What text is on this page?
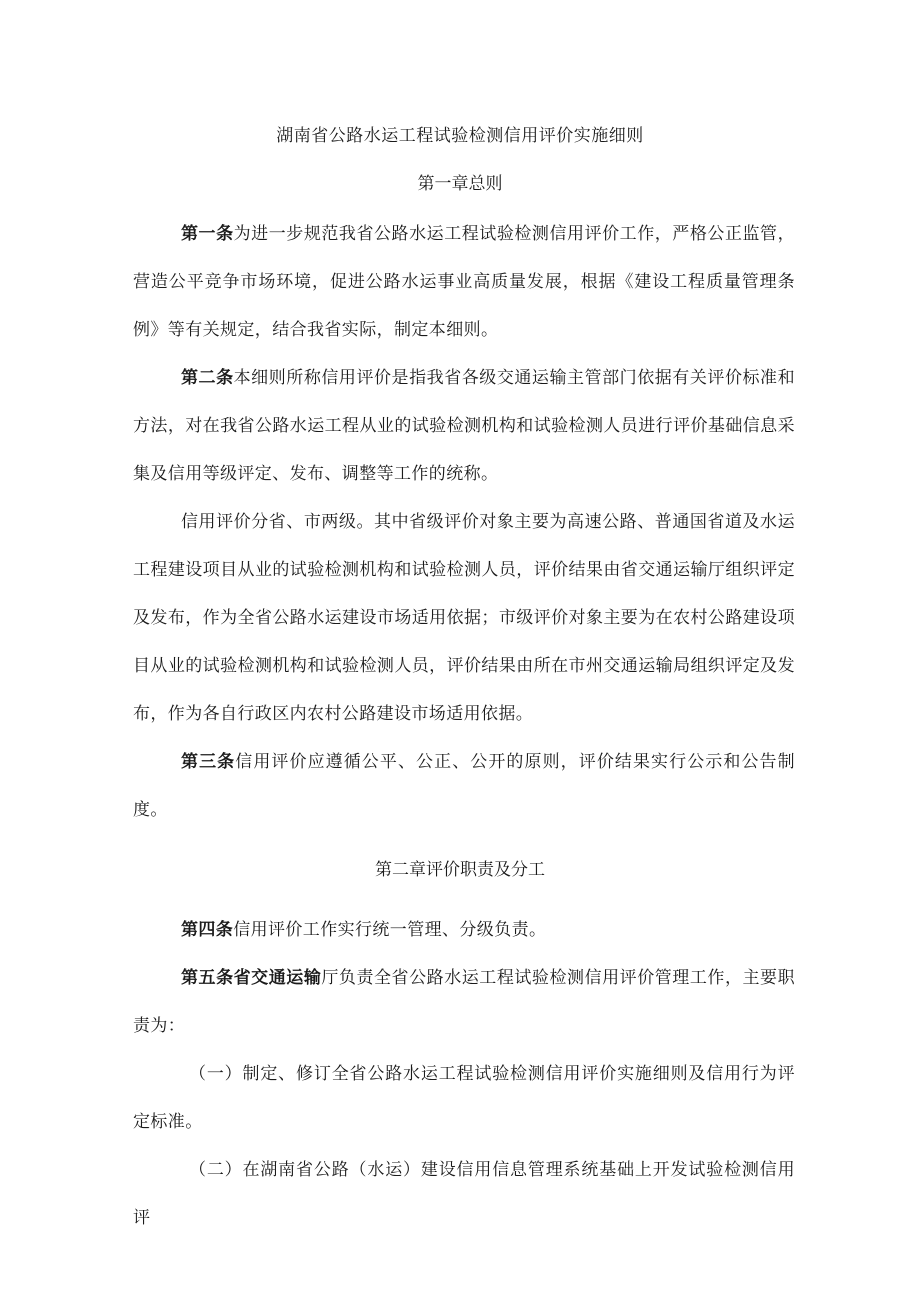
湖南省公路水运工程试验检测信用评价实施细则
第一章总则

第一条为进一步规范我省公路水运工程试验检测信用评价工作，严格公正监管，营造公平竞争市场环境，促进公路水运事业高质量发展，根据《建设工程质量管理条例》等有关规定，结合我省实际，制定本细则。

第二条本细则所称信用评价是指我省各级交通运输主管部门依据有关评价标准和方法，对在我省公路水运工程从业的试验检测机构和试验检测人员进行评价基础信息采集及信用等级评定、发布、调整等工作的统称。

信用评价分省、市两级。其中省级评价对象主要为高速公路、普通国省道及水运工程建设项目从业的试验检测机构和试验检测人员，评价结果由省交通运输厅组织评定及发布，作为全省公路水运建设市场适用依据；市级评价对象主要为在农村公路建设项目从业的试验检测机构和试验检测人员，评价结果由所在市州交通运输局组织评定及发布，作为各自行政区内农村公路建设市场适用依据。

第三条信用评价应遵循公平、公正、公开的原则，评价结果实行公示和公告制度。

第二章评价职责及分工

第四条信用评价工作实行统一管理、分级负责。

第五条省交通运输厅负责全省公路水运工程试验检测信用评价管理工作，主要职责为：

（一）制定、修订全省公路水运工程试验检测信用评价实施细则及信用行为评定标准。

（二）在湖南省公路（水运）建设信用信息管理系统基础上开发试验检测信用评
